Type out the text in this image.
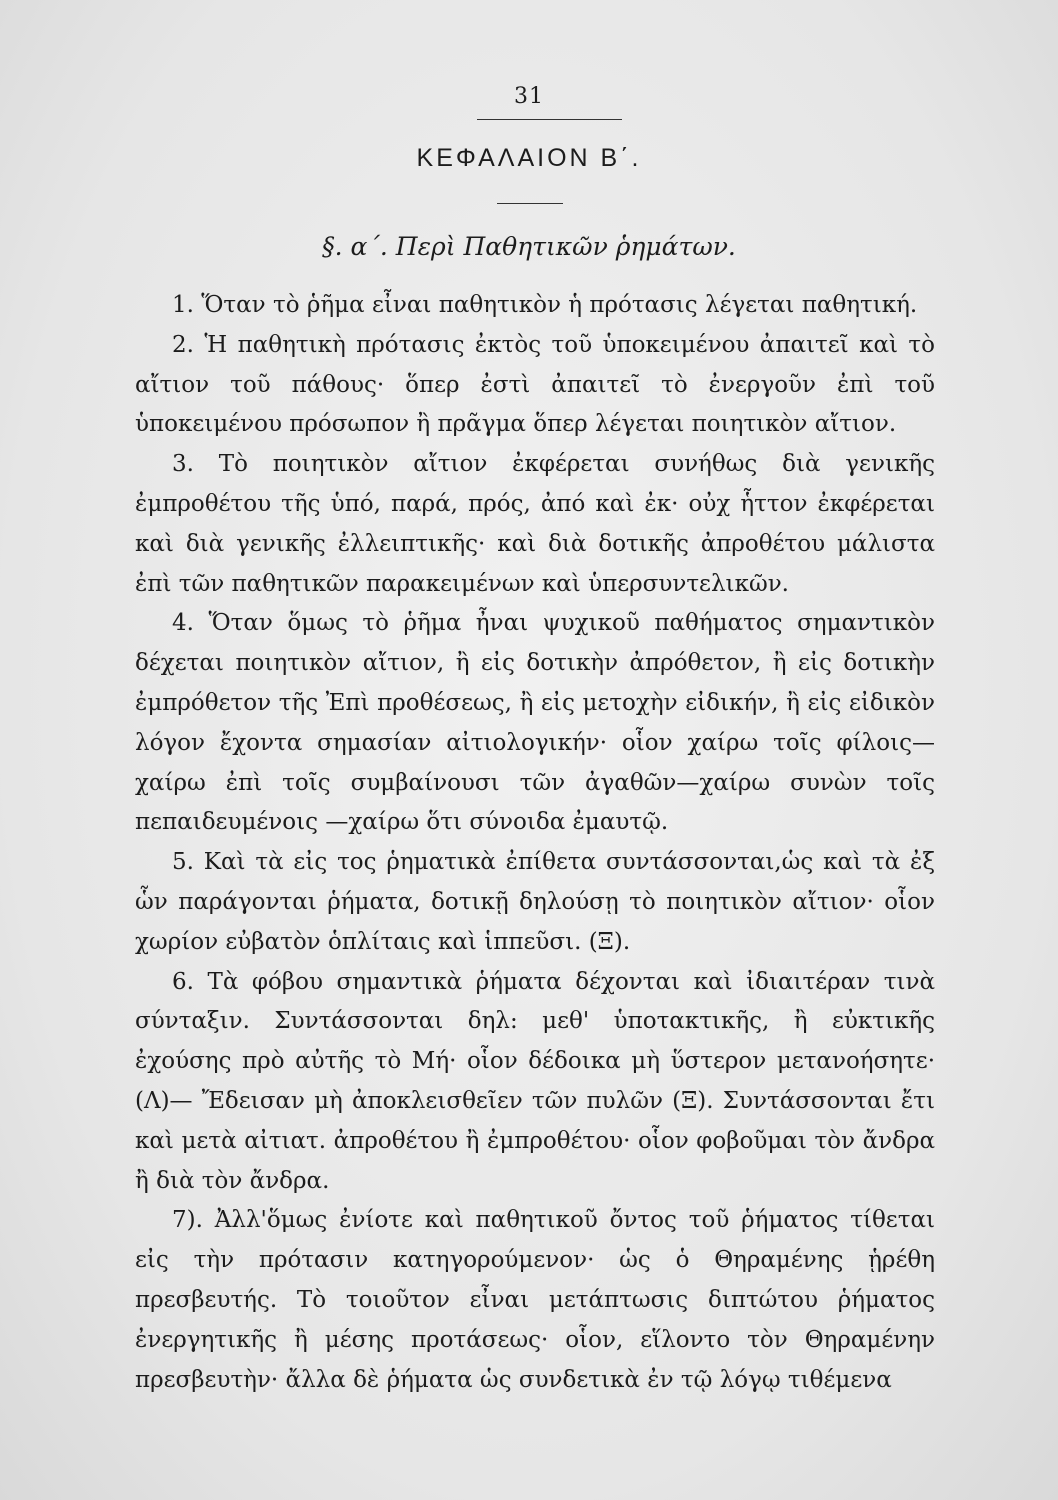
31
ΚΕΦΑΛΑΙΟΝ Β΄.
§. α΄. Περὶ Παθητικῶν ῥημάτων.

1. Ὅταν τὸ ῥῆμα εἶναι παθητικὸν ἡ πρότασις λέγεται παθητική.

2. Ἡ παθητικὴ πρότασις ἐκτὸς τοῦ ὑποκειμένου ἀπαιτεῖ καὶ τὸ αἴτιον τοῦ πάθους· ὅπερ ἐστὶ ἀπαιτεῖ τὸ ἐνεργοῦν ἐπὶ τοῦ ὑποκειμένου πρόσωπον ἢ πρᾶγμα ὅπερ λέγεται ποιητικὸν αἴτιον.

3. Τὸ ποιητικὸν αἴτιον ἐκφέρεται συνήθως διὰ γενικῆς ἐμπροθέτου τῆς ὑπό, παρά, πρός, ἀπό καὶ ἐκ· οὐχ ἧττον ἐκφέρεται καὶ διὰ γενικῆς ἐλλειπτικῆς· καὶ διὰ δοτικῆς ἀπροθέτου μάλιστα ἐπὶ τῶν παθητικῶν παρακειμένων καὶ ὑπερσυντελικῶν.

4. Ὅταν ὅμως τὸ ῥῆμα ἦναι ψυχικοῦ παθήματος σημαντικὸν δέχεται ποιητικὸν αἴτιον, ἢ εἰς δοτικὴν ἀπρόθετον, ἢ εἰς δοτικὴν ἐμπρόθετον τῆς Ἐπὶ προθέσεως, ἢ εἰς μετοχὴν εἰδικήν, ἢ εἰς εἰδικὸν λόγον ἔχοντα σημασίαν αἰτιολογικήν· οἷον χαίρω τοῖς φίλοις—χαίρω ἐπὶ τοῖς συμβαίνουσι τῶν ἀγαθῶν—χαίρω συνὼν τοῖς πεπαιδευμένοις —χαίρω ὅτι σύνοιδα ἐμαυτῷ.

5. Καὶ τὰ εἰς τος ῥηματικὰ ἐπίθετα συντάσσονται,ὡς καὶ τὰ ἐξ ὧν παράγονται ῥήματα, δοτικῇ δηλούσῃ τὸ ποιητικὸν αἴτιον· οἷον χωρίον εὐβατὸν ὁπλίταις καὶ ἱππεῦσι. (Ξ).

6. Τὰ φόβου σημαντικὰ ῥήματα δέχονται καὶ ἰδιαιτέραν τινὰ σύνταξιν. Συντάσσονται δηλ: μεθ' ὑποτακτικῆς, ἢ εὐκτικῆς ἐχούσης πρὸ αὐτῆς τὸ Μή· οἷον δέδοικα μὴ ὕστερον μετανοήσητε· (Λ)— Ἔδεισαν μὴ ἀποκλεισθεῖεν τῶν πυλῶν (Ξ). Συντάσσονται ἔτι καὶ μετὰ αἰτιατ. ἀπροθέτου ἢ ἐμπροθέτου· οἷον φοβοῦμαι τὸν ἄνδρα ἢ διὰ τὸν ἄνδρα.

7). Ἀλλ'ὅμως ἐνίοτε καὶ παθητικοῦ ὄντος τοῦ ῥήματος τίθεται εἰς τὴν πρότασιν κατηγορούμενον· ὡς ὁ Θηραμένης ᾑρέθη πρεσβευτής. Τὸ τοιοῦτον εἶναι μετάπτωσις διπτώτου ῥήματος ἐνεργητικῆς ἢ μέσης προτάσεως· οἷον, εἵλοντο τὸν Θηραμένην πρεσβευτὴν· ἄλλα δὲ ῥήματα ὡς συνδετικὰ ἐν τῷ λόγῳ τιθέμενα
